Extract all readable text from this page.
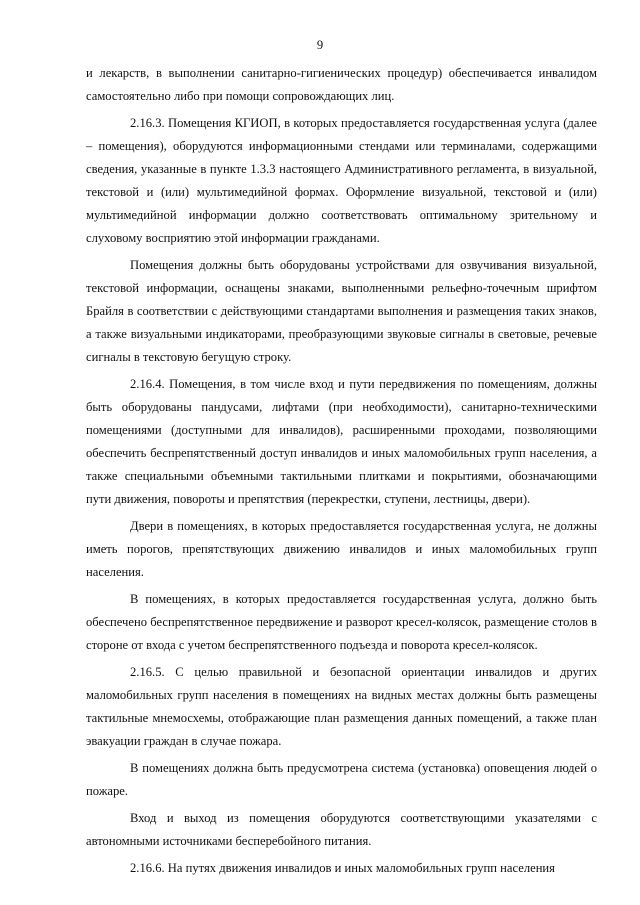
9

и лекарств, в выполнении санитарно-гигиенических процедур) обеспечивается инвалидом самостоятельно либо при помощи сопровождающих лиц.

2.16.3. Помещения КГИОП, в которых предоставляется государственная услуга (далее – помещения), оборудуются информационными стендами или терминалами, содержащими сведения, указанные в пункте 1.3.3 настоящего Административного регламента, в визуальной, текстовой и (или) мультимедийной формах. Оформление визуальной, текстовой и (или) мультимедийной информации должно соответствовать оптимальному зрительному и слуховому восприятию этой информации гражданами.

Помещения должны быть оборудованы устройствами для озвучивания визуальной, текстовой информации, оснащены знаками, выполненными рельефно-точечным шрифтом Брайля в соответствии с действующими стандартами выполнения и размещения таких знаков, а также визуальными индикаторами, преобразующими звуковые сигналы в световые, речевые сигналы в текстовую бегущую строку.

2.16.4. Помещения, в том числе вход и пути передвижения по помещениям, должны быть оборудованы пандусами, лифтами (при необходимости), санитарно-техническими помещениями (доступными для инвалидов), расширенными проходами, позволяющими обеспечить беспрепятственный доступ инвалидов и иных маломобильных групп населения, а также специальными объемными тактильными плитками и покрытиями, обозначающими пути движения, повороты и препятствия (перекрестки, ступени, лестницы, двери).

Двери в помещениях, в которых предоставляется государственная услуга, не должны иметь порогов, препятствующих движению инвалидов и иных маломобильных групп населения.

В помещениях, в которых предоставляется государственная услуга, должно быть обеспечено беспрепятственное передвижение и разворот кресел-колясок, размещение столов в стороне от входа с учетом беспрепятственного подъезда и поворота кресел-колясок.

2.16.5. С целью правильной и безопасной ориентации инвалидов и других маломобильных групп населения в помещениях на видных местах должны быть размещены тактильные мнемосхемы, отображающие план размещения данных помещений, а также план эвакуации граждан в случае пожара.

В помещениях должна быть предусмотрена система (установка) оповещения людей о пожаре.

Вход и выход из помещения оборудуются соответствующими указателями с автономными источниками бесперебойного питания.

2.16.6. На путях движения инвалидов и иных маломобильных групп населения
